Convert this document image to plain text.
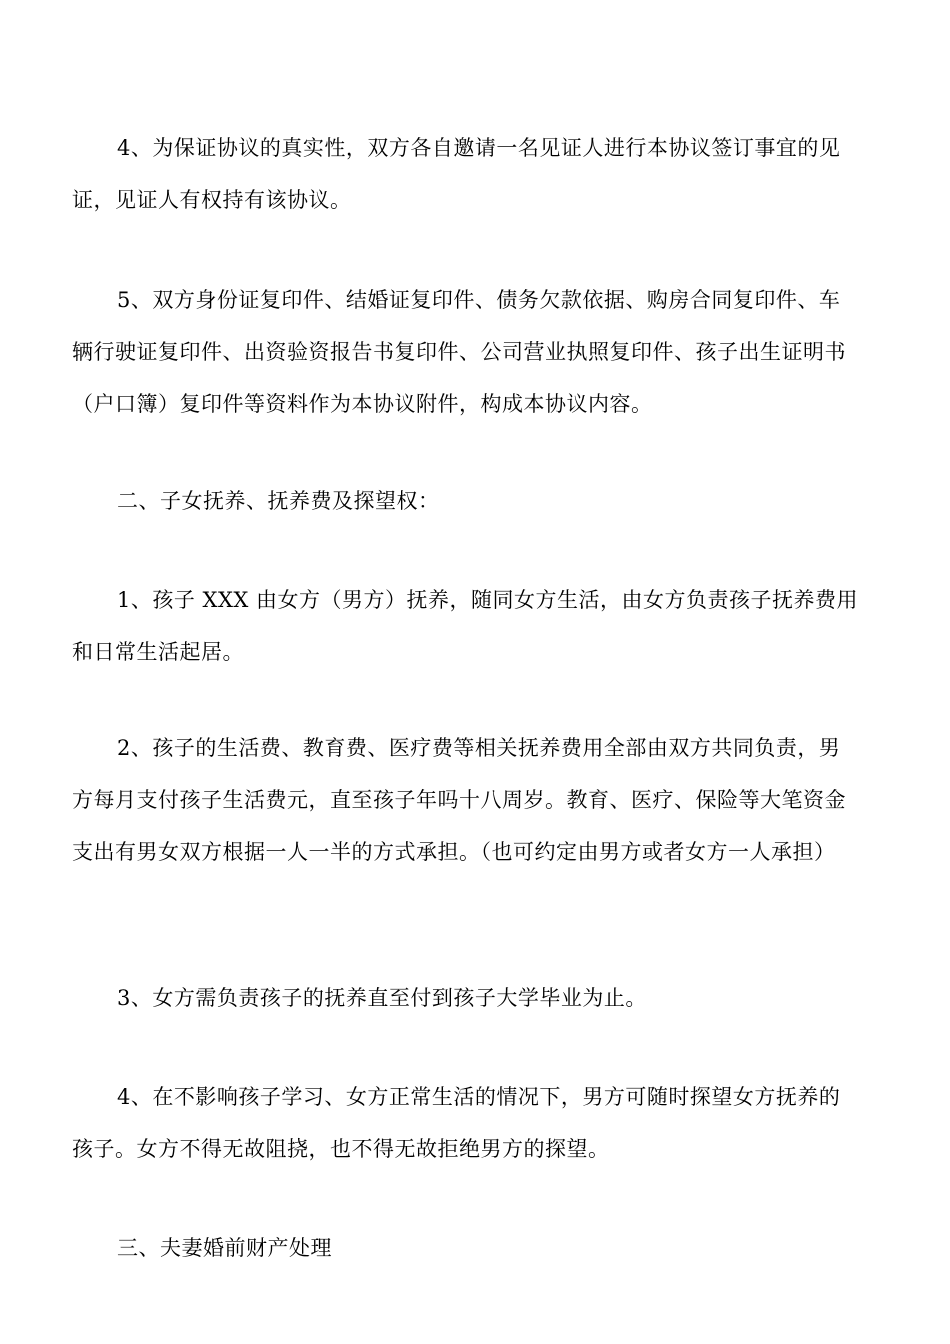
4、为保证协议的真实性，双方各自邀请一名见证人进行本协议签订事宜的见
证，见证人有权持有该协议。

5、双方身份证复印件、结婚证复印件、债务欠款依据、购房合同复印件、车
辆行驶证复印件、出资验资报告书复印件、公司营业执照复印件、孩子出生证明书
（户口簿）复印件等资料作为本协议附件，构成本协议内容。

二、子女抚养、抚养费及探望权：

1、孩子 XXX 由女方（男方）抚养，随同女方生活，由女方负责孩子抚养费用
和日常生活起居。

2、孩子的生活费、教育费、医疗费等相关抚养费用全部由双方共同负责，男
方每月支付孩子生活费元，直至孩子年吗十八周岁。教育、医疗、保险等大笔资金
支出有男女双方根据一人一半的方式承担。（也可约定由男方或者女方一人承担）

3、女方需负责孩子的抚养直至付到孩子大学毕业为止。

4、在不影响孩子学习、女方正常生活的情况下，男方可随时探望女方抚养的
孩子。女方不得无故阻挠，也不得无故拒绝男方的探望。

三、夫妻婚前财产处理
